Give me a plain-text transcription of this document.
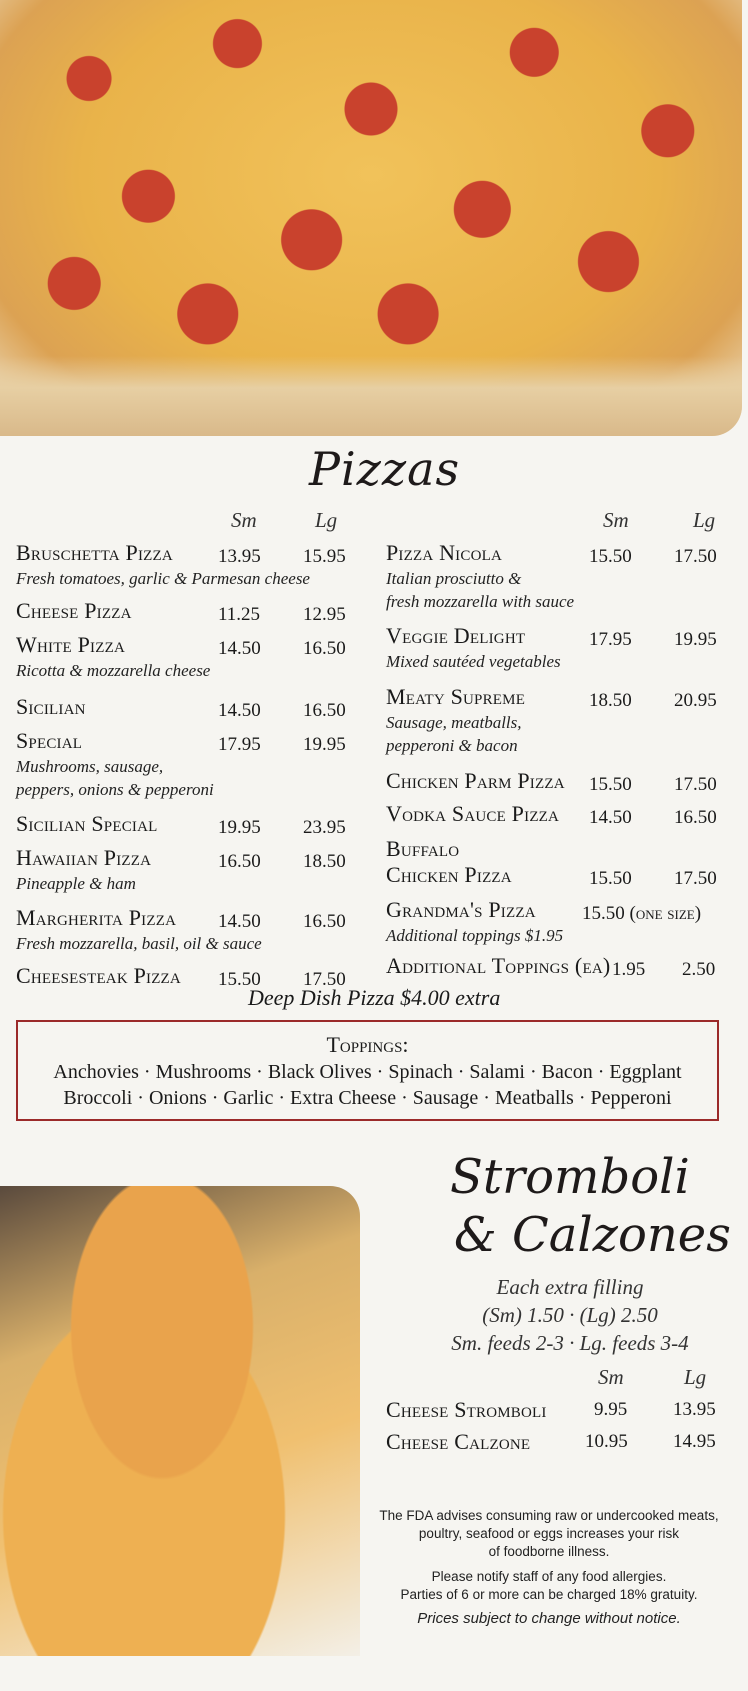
Pizzas
Sm	Lg	Sm	Lg
Bruschetta Pizza 13.95 15.95
Fresh tomatoes, garlic & Parmesan cheese
Cheese Pizza	11.25 12.95
White Pizza	14.50 16.50
Ricotta & mozzarella cheese
Sicilian	14.50 16.50
Special	17.95 19.95
Mushrooms, sausage,
peppers, onions & pepperoni
Sicilian Special	19.95 23.95
Hawaiian Pizza	16.50 18.50
Pineapple & ham
Margherita Pizza 14.50 16.50
Fresh mozzarella, basil, oil & sauce
Cheesesteak Pizza 15.50 17.50
Pizza Nicola	15.50 17.50
Italian prosciutto &
fresh mozzarella with sauce
Veggie Delight	17.95 19.95
Mixed sautéed vegetables
Meaty Supreme	18.50 20.95
Sausage, meatballs,
pepperoni & bacon
Chicken Parm Pizza 15.50 17.50
Vodka Sauce Pizza 14.50 16.50
Buffalo
Chicken Pizza	15.50 17.50
Grandma's Pizza 15.50 (one size)
Additional toppings $1.95
Additional Toppings (ea) 1.95 2.50
Deep Dish Pizza $4.00 extra
Toppings:
Anchovies · Mushrooms · Black Olives · Spinach · Salami · Bacon · Eggplant
Broccoli · Onions · Garlic · Extra Cheese · Sausage · Meatballs · Pepperoni
Stromboli
& Calzones
Each extra filling
(Sm) 1.50 · (Lg) 2.50
Sm. feeds 2-3 · Lg. feeds 3-4
Sm	Lg
Cheese Stromboli 9.95 13.95
Cheese Calzone	10.95 14.95
The FDA advises consuming raw or undercooked meats,
poultry, seafood or eggs increases your risk
of foodborne illness.
Please notify staff of any food allergies.
Parties of 6 or more can be charged 18% gratuity.
Prices subject to change without notice.
